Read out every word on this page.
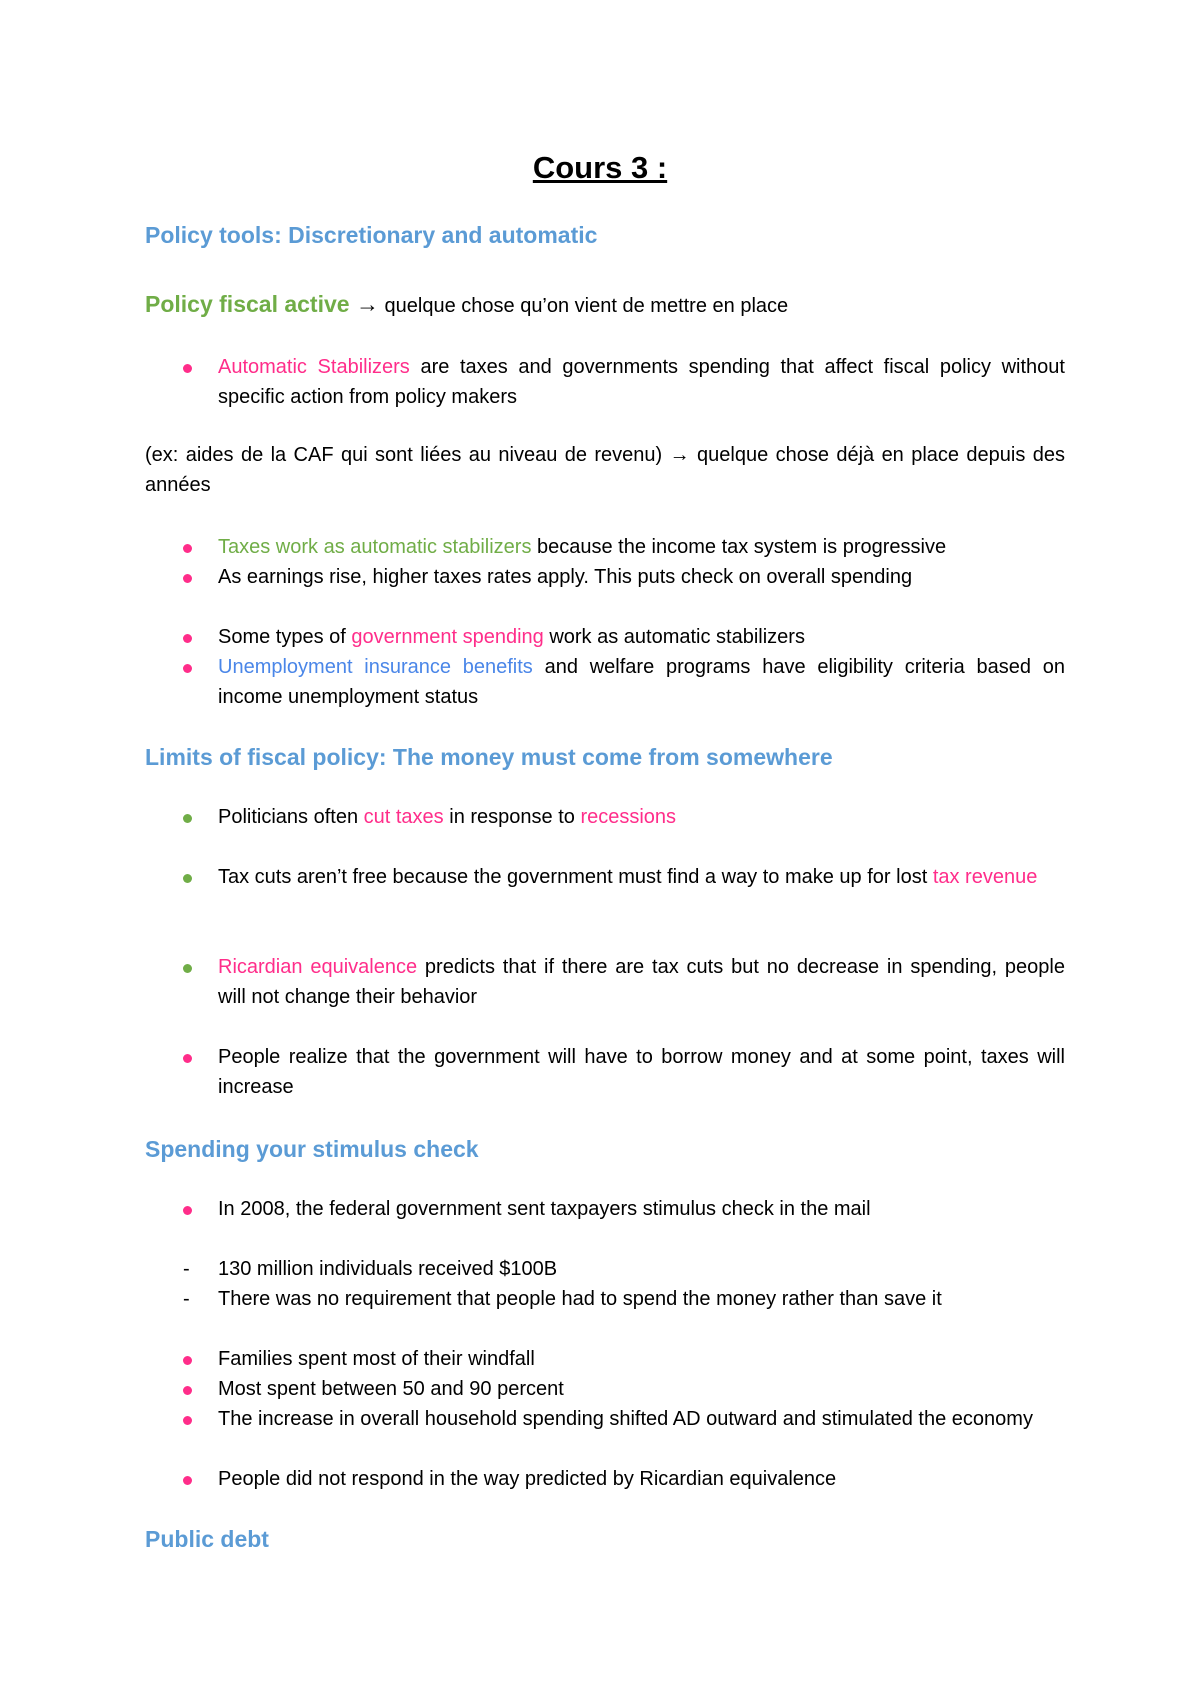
Cours 3 :
Policy tools: Discretionary and automatic

Policy fiscal active → quelque chose qu’on vient de mettre en place

Automatic Stabilizers are taxes and governments spending that affect fiscal policy without specific action from policy makers

(ex: aides de la CAF qui sont liées au niveau de revenu) → quelque chose déjà en place depuis des années

Taxes work as automatic stabilizers because the income tax system is progressive

As earnings rise, higher taxes rates apply. This puts check on overall spending

Some types of government spending work as automatic stabilizers

Unemployment insurance benefits and welfare programs have eligibility criteria based on income unemployment status

Limits of fiscal policy: The money must come from somewhere

Politicians often cut taxes in response to recessions

Tax cuts aren’t free because the government must find a way to make up for lost tax revenue

Ricardian equivalence predicts that if there are tax cuts but no decrease in spending, people will not change their behavior

People realize that the government will have to borrow money and at some point, taxes will increase

Spending your stimulus check

In 2008, the federal government sent taxpayers stimulus check in the mail

- 130 million individuals received $100B

- There was no requirement that people had to spend the money rather than save it

Families spent most of their windfall

Most spent between 50 and 90 percent

The increase in overall household spending shifted AD outward and stimulated the economy

People did not respond in the way predicted by Ricardian equivalence

Public debt
